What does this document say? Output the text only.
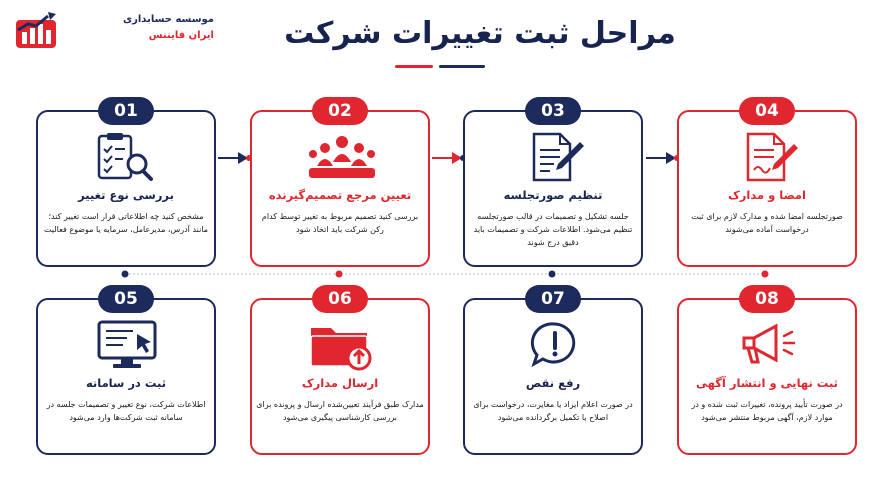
موسسه حسابداری
ایران فایننس	مراحل ثبت تغییرات شرکت
01
بررسی نوع تغییر
مشخص کنید چه اطلاعاتی قرار است تغییر کند؛ مانند آدرس، مدیرعامل، سرمایه یا موضوع فعالیت
02
تعیین مرجع تصمیم‌گیرنده
بررسی کنید تصمیم مربوط به تغییر توسط کدام رکن شرکت باید اتخاذ شود
03
تنظیم صورتجلسه
جلسه تشکیل و تصمیمات در قالب صورتجلسه تنظیم می‌شود. اطلاعات شرکت و تصمیمات باید دقیق درج شوند
04
امضا و مدارک
صورتجلسه امضا شده و مدارک لازم برای ثبت درخواست آماده می‌شوند
05
ثبت در سامانه
اطلاعات شرکت، نوع تغییر و تصمیمات جلسه در سامانه ثبت شرکت‌ها وارد می‌شود
06
ارسال مدارک
مدارک طبق فرآیند تعیین‌شده ارسال و پرونده برای بررسی کارشناسی پیگیری می‌شود
07
رفع نقص
در صورت اعلام ایراد یا مغایرت، درخواست برای اصلاح یا تکمیل برگردانده می‌شود
08
ثبت نهایی و انتشار آگهی
در صورت تأیید پرونده، تغییرات ثبت شده و در موارد لازم، آگهی مربوط منتشر می‌شود
